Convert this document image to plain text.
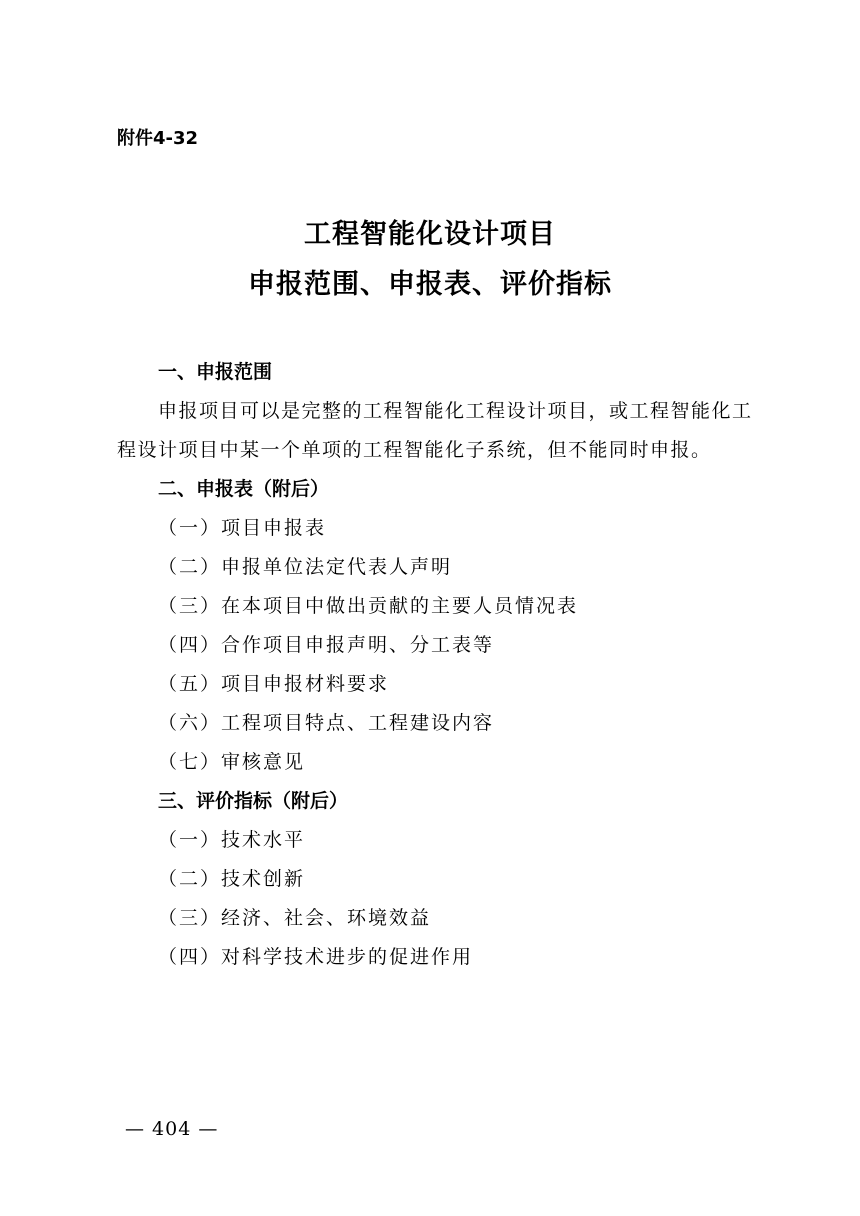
附件4-32
工程智能化设计项目
申报范围、申报表、评价指标
一、申报范围
申报项目可以是完整的工程智能化工程设计项目，或工程智能化工程设计项目中某一个单项的工程智能化子系统，但不能同时申报。
二、申报表（附后）
（一）项目申报表
（二）申报单位法定代表人声明
（三）在本项目中做出贡献的主要人员情况表
（四）合作项目申报声明、分工表等
（五）项目申报材料要求
（六）工程项目特点、工程建设内容
（七）审核意见
三、评价指标（附后）
（一）技术水平
（二）技术创新
（三）经济、社会、环境效益
（四）对科学技术进步的促进作用
— 404 —
